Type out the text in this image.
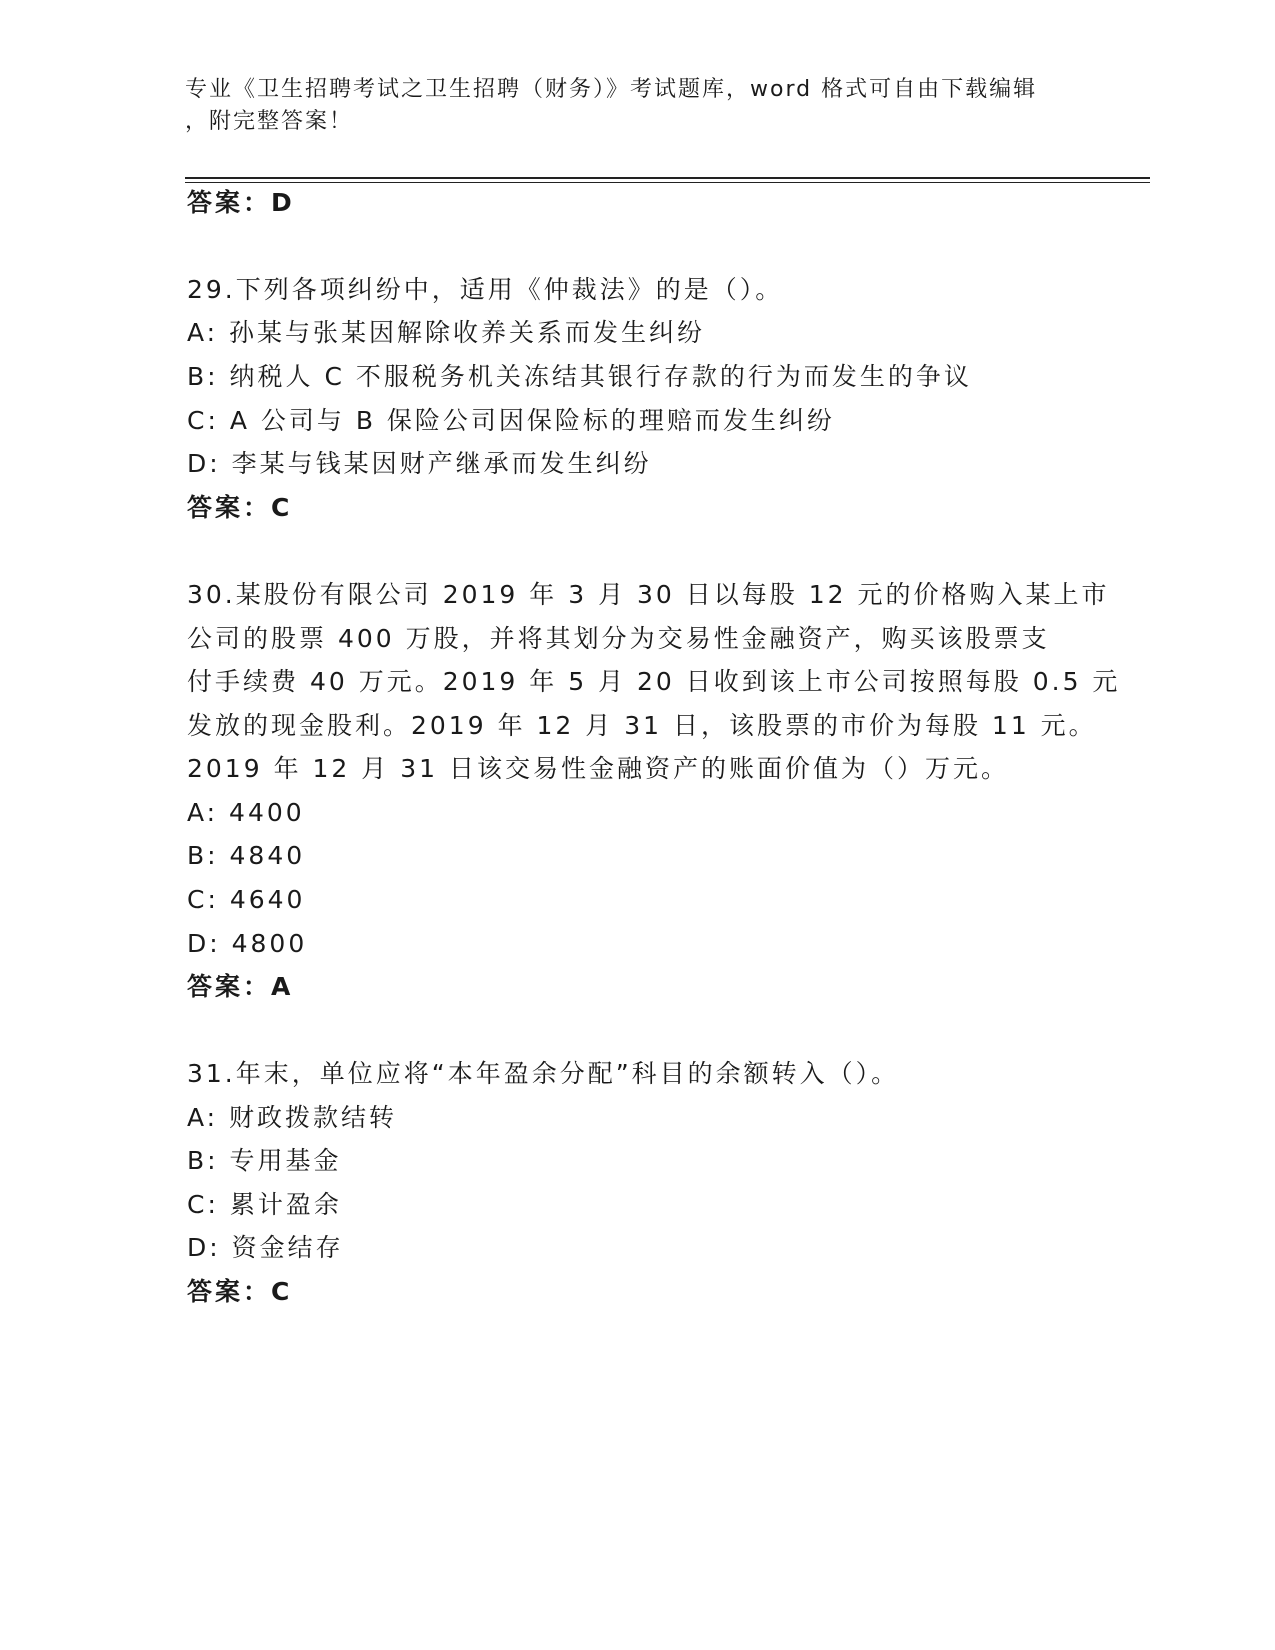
专业《卫生招聘考试之卫生招聘（财务）》考试题库，word 格式可自由下载编辑
，附完整答案！
答案：D
29.下列各项纠纷中，适用《仲裁法》的是（）。
A: 孙某与张某因解除收养关系而发生纠纷
B: 纳税人 C 不服税务机关冻结其银行存款的行为而发生的争议
C: A 公司与 B 保险公司因保险标的理赔而发生纠纷
D: 李某与钱某因财产继承而发生纠纷
答案：C
30.某股份有限公司 2019 年 3 月 30 日以每股 12 元的价格购入某上市
公司的股票 400 万股，并将其划分为交易性金融资产，购买该股票支
付手续费 40 万元。2019 年 5 月 20 日收到该上市公司按照每股 0.5 元
发放的现金股利。2019 年 12 月 31 日，该股票的市价为每股 11 元。
2019 年 12 月 31 日该交易性金融资产的账面价值为（）万元。
A: 4400
B: 4840
C: 4640
D: 4800
答案：A
31.年末，单位应将“本年盈余分配”科目的余额转入（）。
A: 财政拨款结转
B: 专用基金
C: 累计盈余
D: 资金结存
答案：C
